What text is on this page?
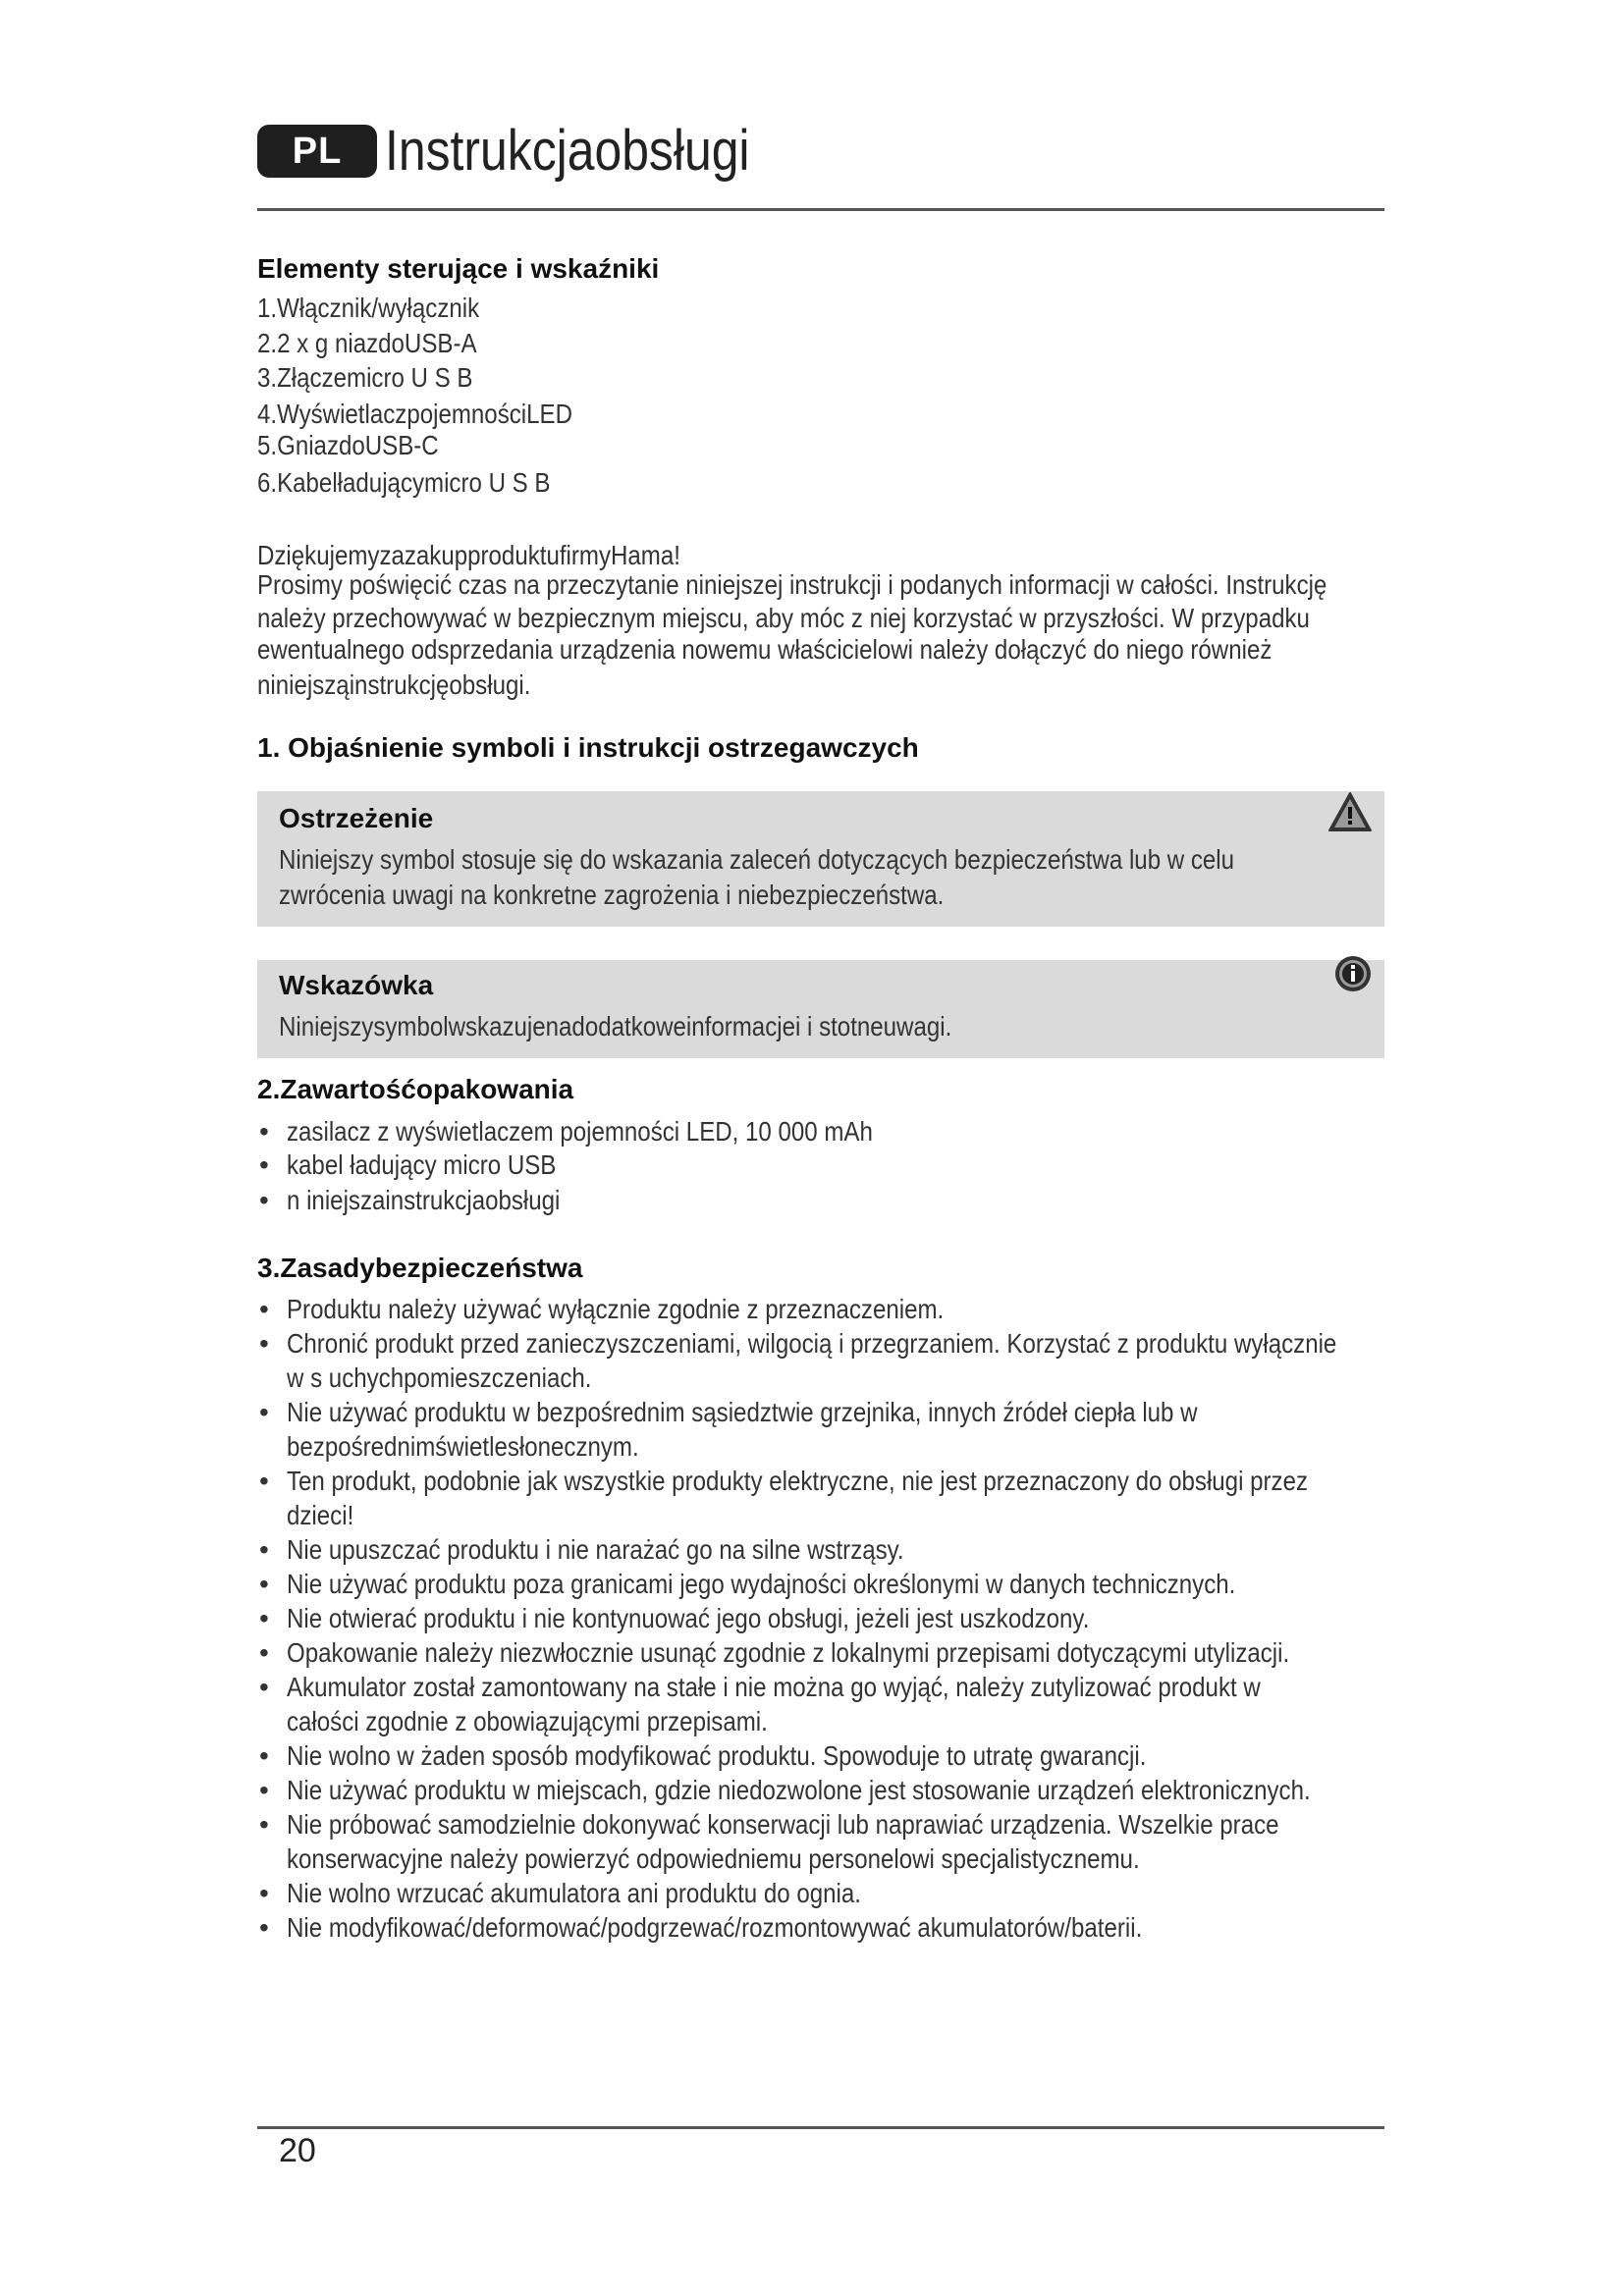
PL Instrukcjaobsługi
Elementy sterujące i wskaźniki
1.Włącznik/wyłącznik
2.2 x g niazdoUSB-A
3.Złączemicro U S B
4.WyświetlaczpojemnościLED
5.GniazdoUSB-C
6.Kabelładującymicro U S B
DziękujemyzazakupproduktufirmyHama!
Prosimy poświęcić czas na przeczytanie niniejszej instrukcji i podanych informacji w całości. Instrukcję
należy przechowywać w bezpiecznym miejscu, aby móc z niej korzystać w przyszłości. W przypadku
ewentualnego odsprzedania urządzenia nowemu właścicielowi należy dołączyć do niego również
niniejsząinstrukcjęobsługi.
1. Objaśnienie symboli i instrukcji ostrzegawczych
Ostrzeżenie
Niniejszy symbol stosuje się do wskazania zaleceń dotyczących bezpieczeństwa lub w celu
zwrócenia uwagi na konkretne zagrożenia i niebezpieczeństwa.
Wskazówka
Niniejszysymbolwskazujenadodatkoweinformacjei i stotneuwagi.
2.Zawartośćopakowania
• zasilacz z wyświetlaczem pojemności LED, 10 000 mAh
• kabel ładujący micro USB
• n iniejszainstrukcjaobsługi
3.Zasadybezpieczeństwa
• Produktu należy używać wyłącznie zgodnie z przeznaczeniem.
• Chronić produkt przed zanieczyszczeniami, wilgocią i przegrzaniem. Korzystać z produktu wyłącznie
w s uchychpomieszczeniach.
• Nie używać produktu w bezpośrednim sąsiedztwie grzejnika, innych źródeł ciepła lub w
bezpośrednimświetlesłonecznym.
• Ten produkt, podobnie jak wszystkie produkty elektryczne, nie jest przeznaczony do obsługi przez
dzieci!
• Nie upuszczać produktu i nie narażać go na silne wstrząsy.
• Nie używać produktu poza granicami jego wydajności określonymi w danych technicznych.
• Nie otwierać produktu i nie kontynuować jego obsługi, jeżeli jest uszkodzony.
• Opakowanie należy niezwłocznie usunąć zgodnie z lokalnymi przepisami dotyczącymi utylizacji.
• Akumulator został zamontowany na stałe i nie można go wyjąć, należy zutylizować produkt w
całości zgodnie z obowiązującymi przepisami.
• Nie wolno w żaden sposób modyfikować produktu. Spowoduje to utratę gwarancji.
• Nie używać produktu w miejscach, gdzie niedozwolone jest stosowanie urządzeń elektronicznych.
• Nie próbować samodzielnie dokonywać konserwacji lub naprawiać urządzenia. Wszelkie prace
konserwacyjne należy powierzyć odpowiedniemu personelowi specjalistycznemu.
• Nie wolno wrzucać akumulatora ani produktu do ognia.
• Nie modyfikować/deformować/podgrzewać/rozmontowywać akumulatorów/baterii.
20
